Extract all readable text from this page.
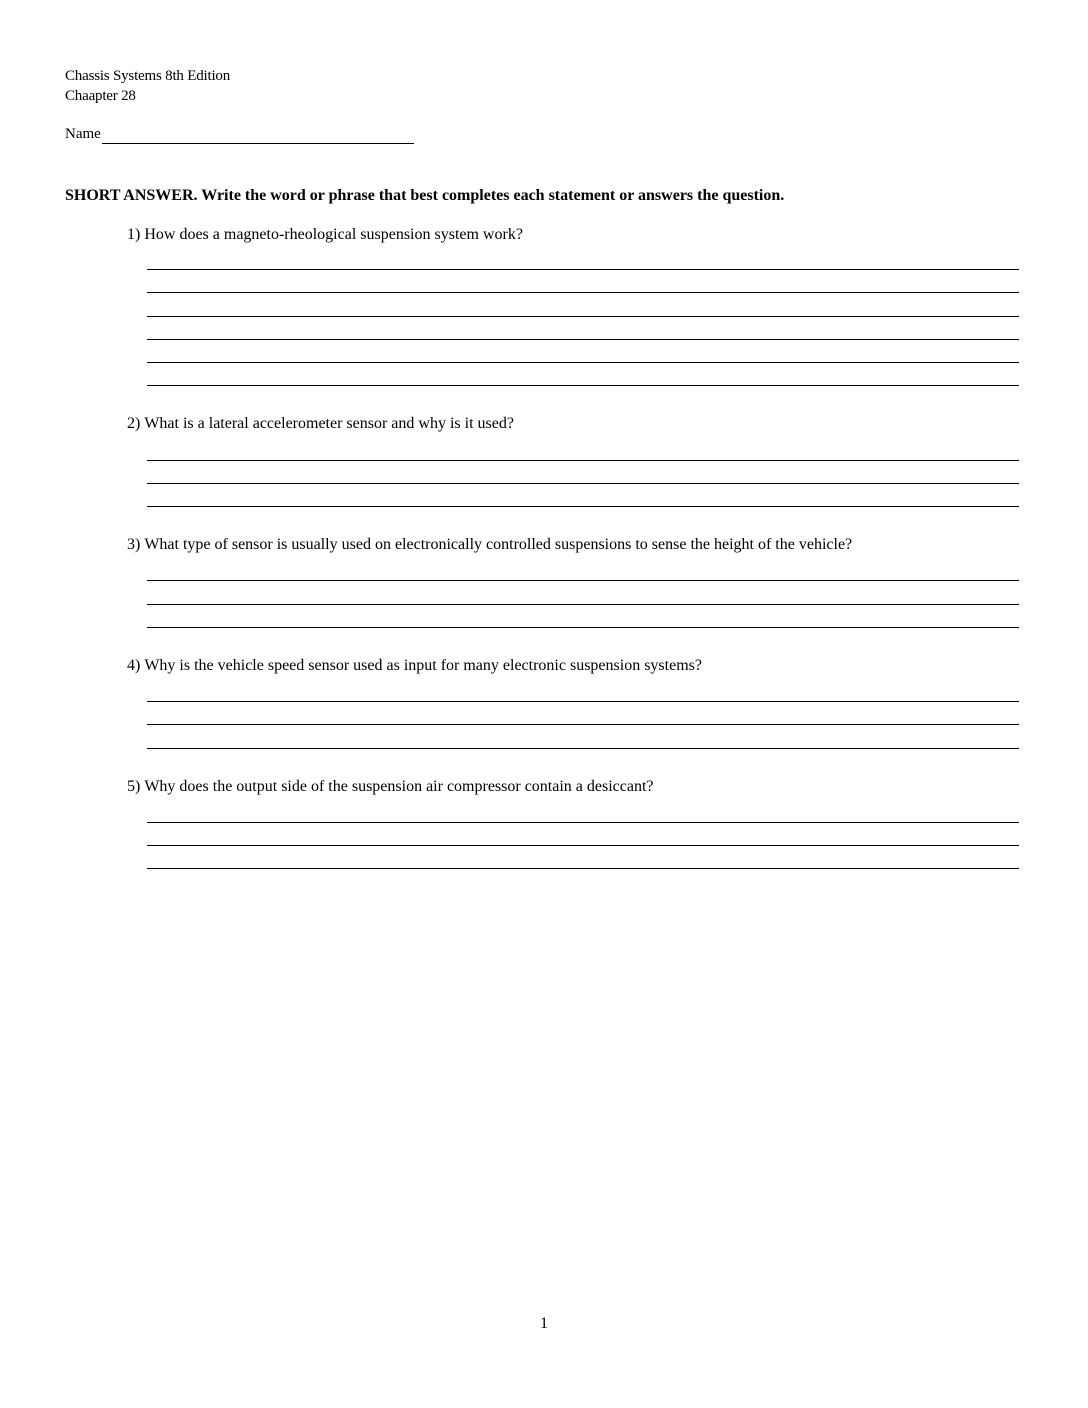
Chassis Systems 8th Edition
Chaapter 28
Name
SHORT ANSWER. Write the word or phrase that best completes each statement or answers the question.
1) How does a magneto-rheological suspension system work?
2) What is a lateral accelerometer sensor and why is it used?
3) What type of sensor is usually used on electronically controlled suspensions to sense the height of the vehicle?
4) Why is the vehicle speed sensor used as input for many electronic suspension systems?
5) Why does the output side of the suspension air compressor contain a desiccant?
1
